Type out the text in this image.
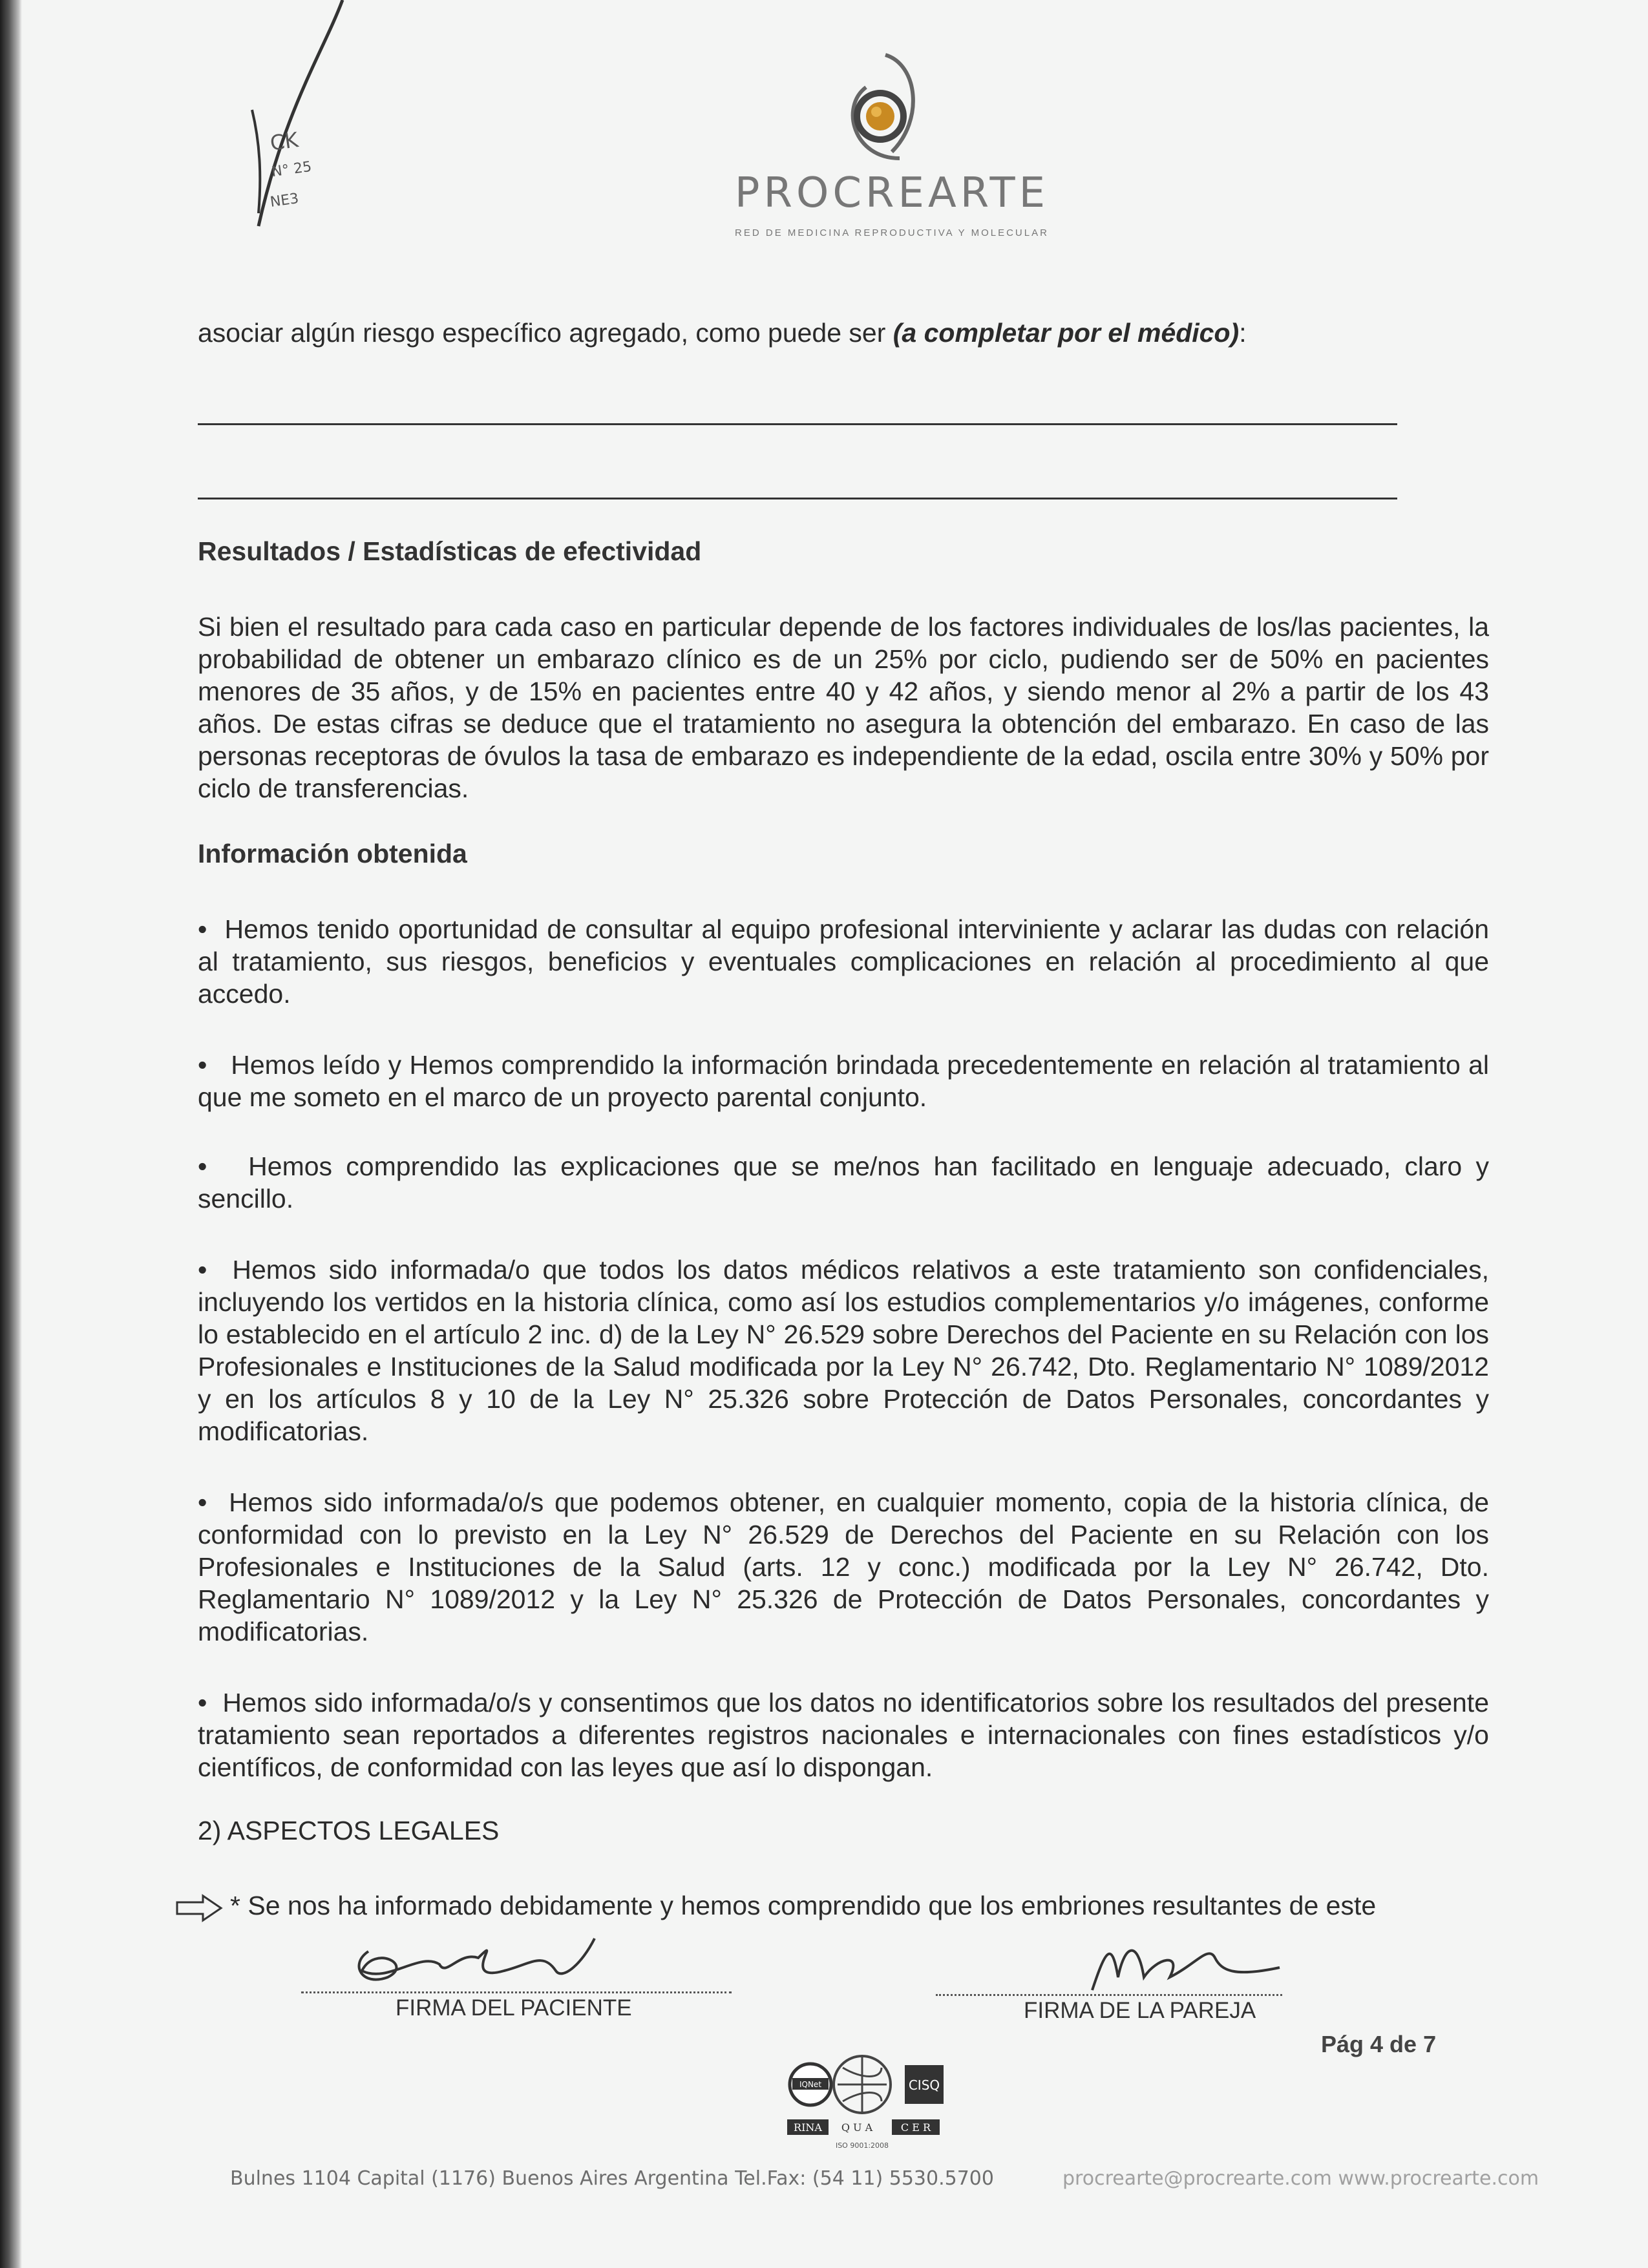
CK
N° 25
NE3	PROCREARTE
RED DE MEDICINA REPRODUCTIVA Y MOLECULAR
asociar algún riesgo específico agregado, como puede ser (a completar por el médico):
Resultados / Estadísticas de efectividad
Si bien el resultado para cada caso en particular depende de los factores individuales de los/las pacientes, la probabilidad de obtener un embarazo clínico es de un 25% por ciclo, pudiendo ser de 50% en pacientes menores de 35 años, y de 15% en pacientes entre 40 y 42 años, y siendo menor al 2% a partir de los 43 años. De estas cifras se deduce que el tratamiento no asegura la obtención del embarazo. En caso de las personas receptoras de óvulos la tasa de embarazo es independiente de la edad, oscila entre 30% y 50% por ciclo de transferencias.
Información obtenida
•  Hemos tenido oportunidad de consultar al equipo profesional interviniente y aclarar las dudas con relación al tratamiento, sus riesgos, beneficios y eventuales complicaciones en relación al procedimiento al que accedo.
•   Hemos leído y Hemos comprendido la información brindada precedentemente en relación al tratamiento al que me someto en el marco de un proyecto parental conjunto.
•   Hemos comprendido las explicaciones que se me/nos han facilitado en lenguaje adecuado, claro y sencillo.
•  Hemos sido informada/o que todos los datos médicos relativos a este tratamiento son confidenciales, incluyendo los vertidos en la historia clínica, como así los estudios complementarios y/o imágenes, conforme lo establecido en el artículo 2 inc. d) de la Ley N° 26.529 sobre Derechos del Paciente en su Relación con los Profesionales e Instituciones de la Salud modificada por la Ley N° 26.742, Dto. Reglamentario N° 1089/2012 y en los artículos 8 y 10 de la Ley N° 25.326 sobre Protección de Datos Personales, concordantes y modificatorias.
•  Hemos sido informada/o/s que podemos obtener, en cualquier momento, copia de la historia clínica, de conformidad con lo previsto en la Ley N° 26.529 de Derechos del Paciente en su Relación con los Profesionales e Instituciones de la Salud (arts. 12 y conc.) modificada por la Ley N° 26.742, Dto. Reglamentario N° 1089/2012 y la Ley N° 25.326 de Protección de Datos Personales, concordantes y modificatorias.
•  Hemos sido informada/o/s y consentimos que los datos no identificatorios sobre los resultados del presente tratamiento sean reportados a diferentes registros nacionales e internacionales con fines estadísticos y/o científicos, de conformidad con las leyes que así lo dispongan.
2) ASPECTOS LEGALES
* Se nos ha informado debidamente y hemos comprendido que los embriones resultantes de este
FIRMA DEL PACIENTE	FIRMA DE LA PAREJA
Pág 4 de 7
IQNet	CISQ
RINA Q U A	C E R
ISO 9001:2008
Bulnes 1104 Capital (1176) Buenos Aires Argentina Tel.Fax: (54 11) 5530.5700	procrearte@procrearte.com www.procrearte.com
